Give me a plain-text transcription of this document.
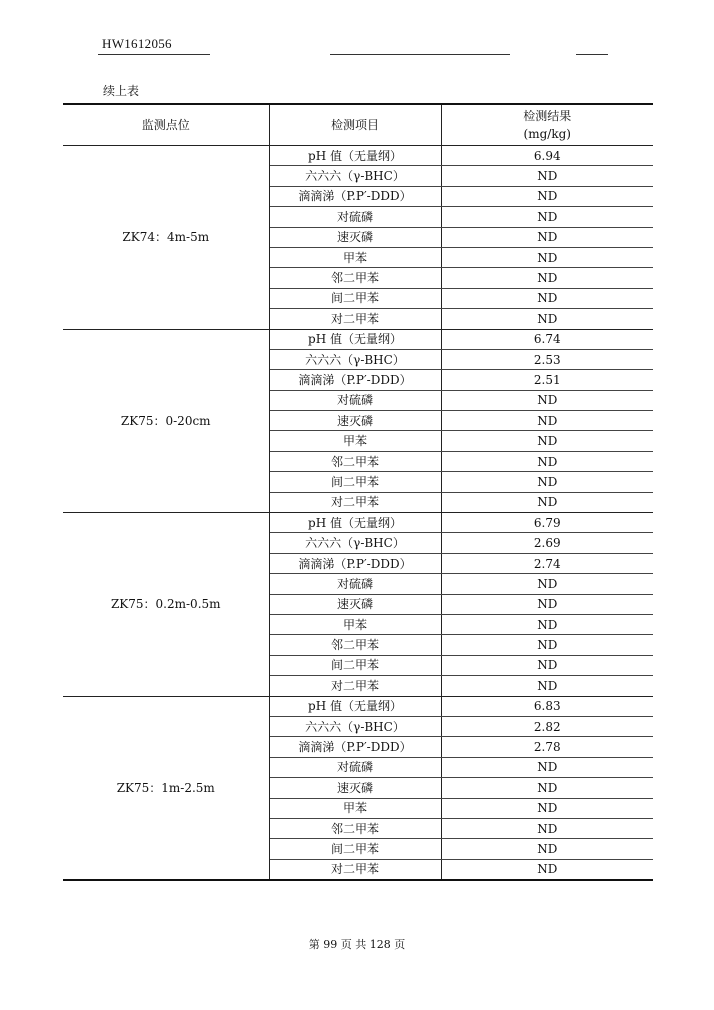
HW1612056
续上表
监测点位	检测项目	检测结果
(mg/kg)

ZK74：4m-5m	pH 值（无量纲）	6.94
	六六六（γ-BHC）	ND
	滴滴涕（P.P′-DDD）	ND
	对硫磷	ND
	速灭磷	ND
	甲苯	ND
	邻二甲苯	ND
	间二甲苯	ND
	对二甲苯	ND
ZK75：0-20cm	pH 值（无量纲）	6.74
	六六六（γ-BHC）	2.53
	滴滴涕（P.P′-DDD）	2.51
	对硫磷	ND
	速灭磷	ND
	甲苯	ND
	邻二甲苯	ND
	间二甲苯	ND
	对二甲苯	ND
ZK75：0.2m-0.5m	pH 值（无量纲）	6.79
	六六六（γ-BHC）	2.69
	滴滴涕（P.P′-DDD）	2.74
	对硫磷	ND
	速灭磷	ND
	甲苯	ND
	邻二甲苯	ND
	间二甲苯	ND
	对二甲苯	ND
ZK75：1m-2.5m	pH 值（无量纲）	6.83
	六六六（γ-BHC）	2.82
	滴滴涕（P.P′-DDD）	2.78
	对硫磷	ND
	速灭磷	ND
	甲苯	ND
	邻二甲苯	ND
	间二甲苯	ND
	对二甲苯	ND
第 99 页 共 128 页
